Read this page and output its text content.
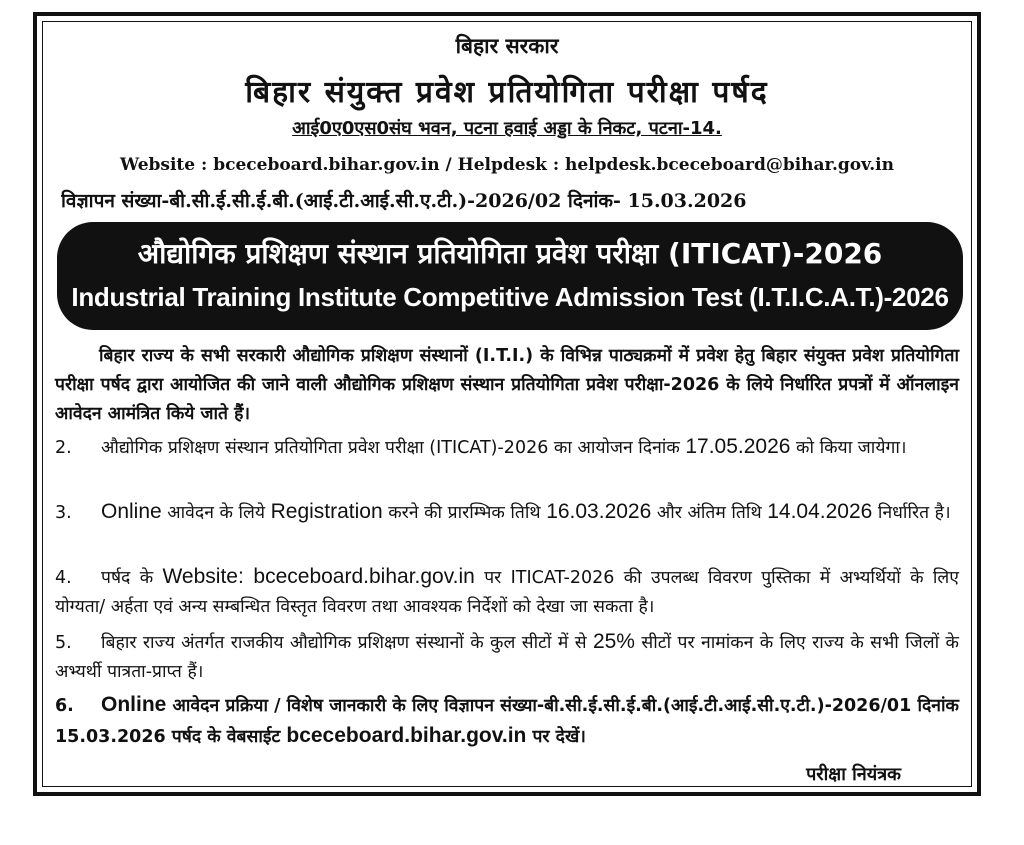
बिहार सरकार
बिहार संयुक्त प्रवेश प्रतियोगिता परीक्षा पर्षद
आई0ए0एस0संघ भवन, पटना हवाई अड्डा के निकट, पटना-14.
Website : bceceboard.bihar.gov.in / Helpdesk : helpdesk.bceceboard@bihar.gov.in
विज्ञापन संख्या-बी.सी.ई.सी.ई.बी.(आई.टी.आई.सी.ए.टी.)-2026/02 दिनांक- 15.03.2026
औद्योगिक प्रशिक्षण संस्थान प्रतियोगिता प्रवेश परीक्षा (ITICAT)-2026
Industrial Training Institute Competitive Admission Test (I.T.I.C.A.T.)-2026
बिहार राज्य के सभी सरकारी औद्योगिक प्रशिक्षण संस्थानों (I.T.I.) के विभिन्न पाठ्यक्रमों में प्रवेश हेतु बिहार संयुक्त प्रवेश प्रतियोगिता परीक्षा पर्षद द्वारा आयोजित की जाने वाली औद्योगिक प्रशिक्षण संस्थान प्रतियोगिता प्रवेश परीक्षा-2026 के लिये निर्धारित प्रपत्रों में ऑनलाइन आवेदन आमंत्रित किये जाते हैं।
2. औद्योगिक प्रशिक्षण संस्थान प्रतियोगिता प्रवेश परीक्षा (ITICAT)-2026 का आयोजन दिनांक 17.05.2026 को किया जायेगा।
3. Online आवेदन के लिये Registration करने की प्रारम्भिक तिथि 16.03.2026 और अंतिम तिथि 14.04.2026 निर्धारित है।
4. पर्षद के Website: bceceboard.bihar.gov.in पर ITICAT-2026 की उपलब्ध विवरण पुस्तिका में अभ्यर्थियों के लिए योग्यता/ अर्हता एवं अन्य सम्बन्धित विस्तृत विवरण तथा आवश्यक निर्देशों को देखा जा सकता है।
5. बिहार राज्य अंतर्गत राजकीय औद्योगिक प्रशिक्षण संस्थानों के कुल सीटों में से 25% सीटों पर नामांकन के लिए राज्य के सभी जिलों के अभ्यर्थी पात्रता-प्राप्त हैं।
6. Online आवेदन प्रक्रिया / विशेष जानकारी के लिए विज्ञापन संख्या-बी.सी.ई.सी.ई.बी.(आई.टी.आई.सी.ए.टी.)-2026/01 दिनांक 15.03.2026 पर्षद के वेबसाईट bceceboard.bihar.gov.in पर देखें।
परीक्षा नियंत्रक
